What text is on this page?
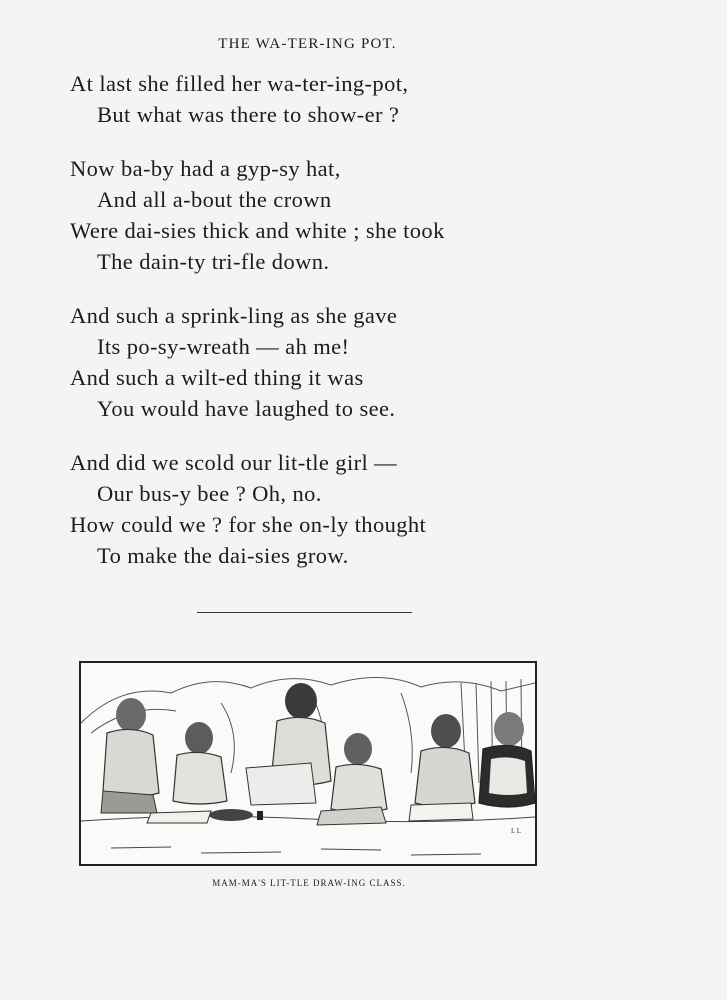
THE WA-TER-ING POT.
At last she filled her wa-ter-ing-pot,
But what was there to show-er ?
Now ba-by had a gyp-sy hat,
And all a-bout the crown
Were dai-sies thick and white ; she took
The dain-ty tri-fle down.
And such a sprink-ling as she gave
Its po-sy-wreath — ah me!
And such a wilt-ed thing it was
You would have laughed to see.
And did we scold our lit-tle girl —
Our bus-y bee ? Oh, no.
How could we ? for she on-ly thought
To make the dai-sies grow.
L L
MAM-MA'S LIT-TLE DRAW-ING CLASS.
